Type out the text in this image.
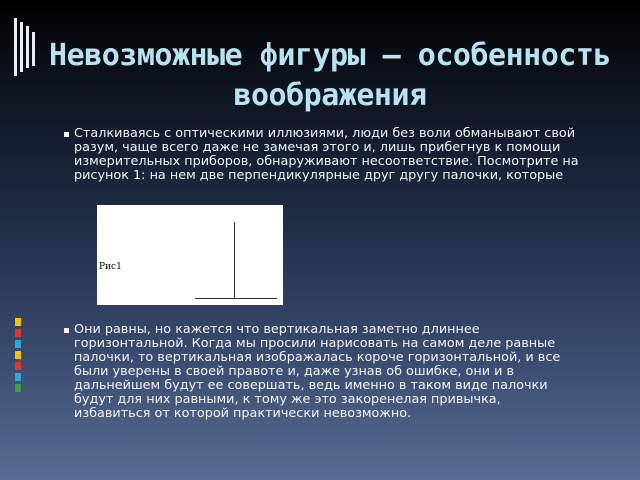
Невозможные фигуры – особенность воображения
Сталкиваясь с оптическими иллюзиями, люди без воли обманывают свой разум, чаще всего даже не замечая этого и, лишь прибегнув к помощи измерительных приборов, обнаруживают несоответствие. Посмотрите на рисунок 1: на нем две перпендикулярные друг другу палочки, которые
Рис1
Они равны, но кажется что вертикальная заметно длиннее горизонтальной. Когда мы просили нарисовать на самом деле равные палочки, то вертикальная изображалась короче горизонтальной, и все были уверены в своей правоте и, даже узнав об ошибке, они и в дальнейшем будут ее совершать, ведь именно в таком виде палочки будут для них равными, к тому же это закоренелая привычка, избавиться от которой практически невозможно.
